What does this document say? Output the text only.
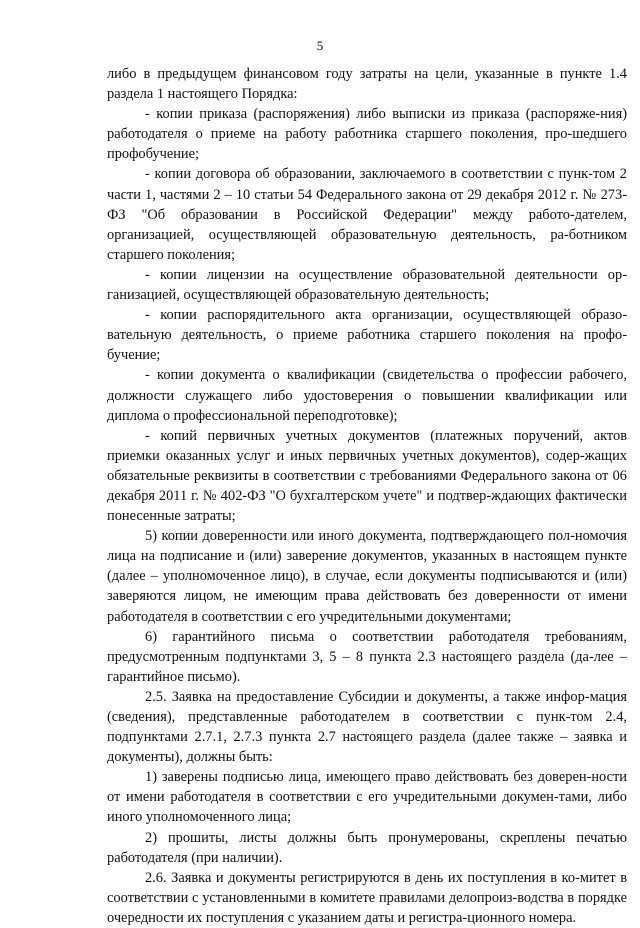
5

либо в предыдущем финансовом году затраты на цели, указанные в пункте 1.4 раздела 1 настоящего Порядка:

- копии приказа (распоряжения) либо выписки из приказа (распоряже-ния) работодателя о приеме на работу работника старшего поколения, про-шедшего профобучение;

- копии договора об образовании, заключаемого в соответствии с пунк-том 2 части 1, частями 2 – 10 статьи 54 Федерального закона от 29 декабря 2012 г. № 273-ФЗ "Об образовании в Российской Федерации" между работо-дателем, организацией, осуществляющей образовательную деятельность, ра-ботником старшего поколения;

- копии лицензии на осуществление образовательной деятельности ор-ганизацией, осуществляющей образовательную деятельность;

- копии распорядительного акта организации, осуществляющей образо-вательную деятельность, о приеме работника старшего поколения на профо-бучение;

- копии документа о квалификации (свидетельства о профессии рабочего, должности служащего либо удостоверения о повышении квалификации или диплома о профессиональной переподготовке);

- копий первичных учетных документов (платежных поручений, актов приемки оказанных услуг и иных первичных учетных документов), содер-жащих обязательные реквизиты в соответствии с требованиями Федерального закона от 06 декабря 2011 г. № 402-ФЗ "О бухгалтерском учете" и подтвер-ждающих фактически понесенные затраты;

5) копии доверенности или иного документа, подтверждающего пол-номочия лица на подписание и (или) заверение документов, указанных в настоящем пункте (далее – уполномоченное лицо), в случае, если документы подписываются и (или) заверяются лицом, не имеющим права действовать без доверенности от имени работодателя в соответствии с его учредительными документами;

6) гарантийного письма о соответствии работодателя требованиям, предусмотренным подпунктами 3, 5 – 8 пункта 2.3 настоящего раздела (да-лее – гарантийное письмо).

2.5. Заявка на предоставление Субсидии и документы, а также инфор-мация (сведения), представленные работодателем в соответствии с пунк-том 2.4, подпунктами 2.7.1, 2.7.3 пункта 2.7 настоящего раздела (далее также – заявка и документы), должны быть:

1) заверены подписью лица, имеющего право действовать без доверен-ности от имени работодателя в соответствии с его учредительными докумен-тами, либо иного уполномоченного лица;

2) прошиты, листы должны быть пронумерованы, скреплены печатью работодателя (при наличии).

2.6. Заявка и документы регистрируются в день их поступления в ко-митет в соответствии с установленными в комитете правилами делопроиз-водства в порядке очередности их поступления с указанием даты и регистра-ционного номера.
